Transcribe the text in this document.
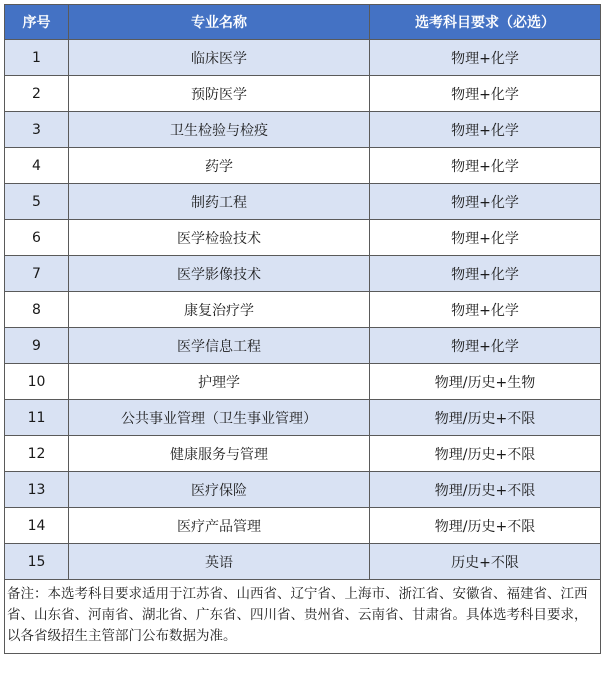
序号	专业名称	选考科目要求（必选）
1	临床医学	物理+化学
2	预防医学	物理+化学
3	卫生检验与检疫	物理+化学
4	药学	物理+化学
5	制药工程	物理+化学
6	医学检验技术	物理+化学
7	医学影像技术	物理+化学
8	康复治疗学	物理+化学
9	医学信息工程	物理+化学
10	护理学	物理/历史+生物
11	公共事业管理（卫生事业管理）	物理/历史+不限
12	健康服务与管理	物理/历史+不限
13	医疗保险	物理/历史+不限
14	医疗产品管理	物理/历史+不限
15	英语	历史+不限
备注：本选考科目要求适用于江苏省、山西省、辽宁省、上海市、浙江省、安徽省、福建省、江西省、山东省、河南省、湖北省、广东省、四川省、贵州省、云南省、甘肃省。具体选考科目要求，以各省级招生主管部门公布数据为准。		
